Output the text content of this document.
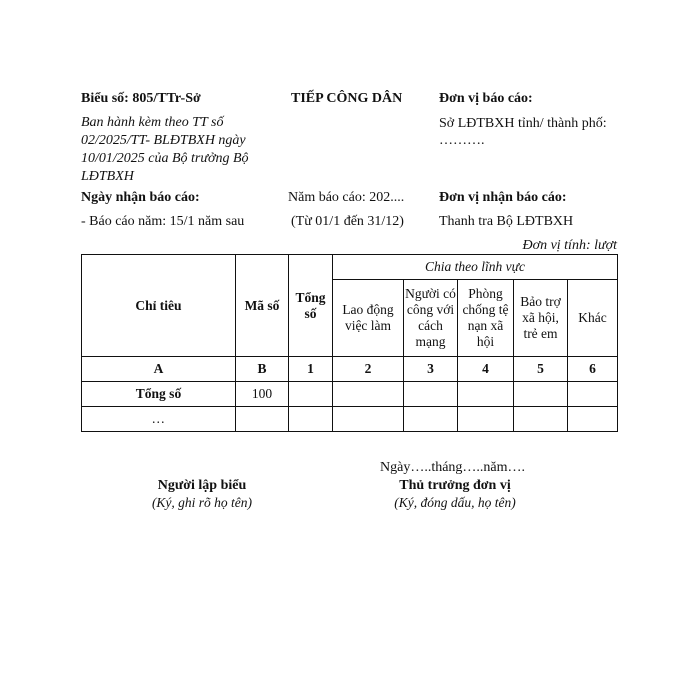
Biểu số: 805/TTr-Sở
Ban hành kèm theo TT số 02/2025/TT- BLĐTBXH ngày 10/01/2025 của Bộ trưởng Bộ LĐTBXH
TIẾP CÔNG DÂN	Đơn vị báo cáo:
Sở LĐTBXH tỉnh/ thành phố:
……….
Ngày nhận báo cáo:
- Báo cáo năm: 15/1 năm sau
Năm báo cáo: 202....
(Từ 01/1 đến 31/12)
Đơn vị nhận báo cáo:
Thanh tra Bộ LĐTBXH
Đơn vị tính: lượt
Chỉ tiêu	Mã số	Tổng số	Chia theo lĩnh vực				
			Lao động việc làm	Người có công với cách mạng	Phòng chống tệ nạn xã hội	Bảo trợ xã hội, trẻ em	Khác
A	B	1	2	3	4	5	6
Tổng số	100						
…							
Ngày…..tháng…..năm….
Người lập biểu
(Ký, ghi rõ họ tên)
Thủ trưởng đơn vị
(Ký, đóng dấu, họ tên)
